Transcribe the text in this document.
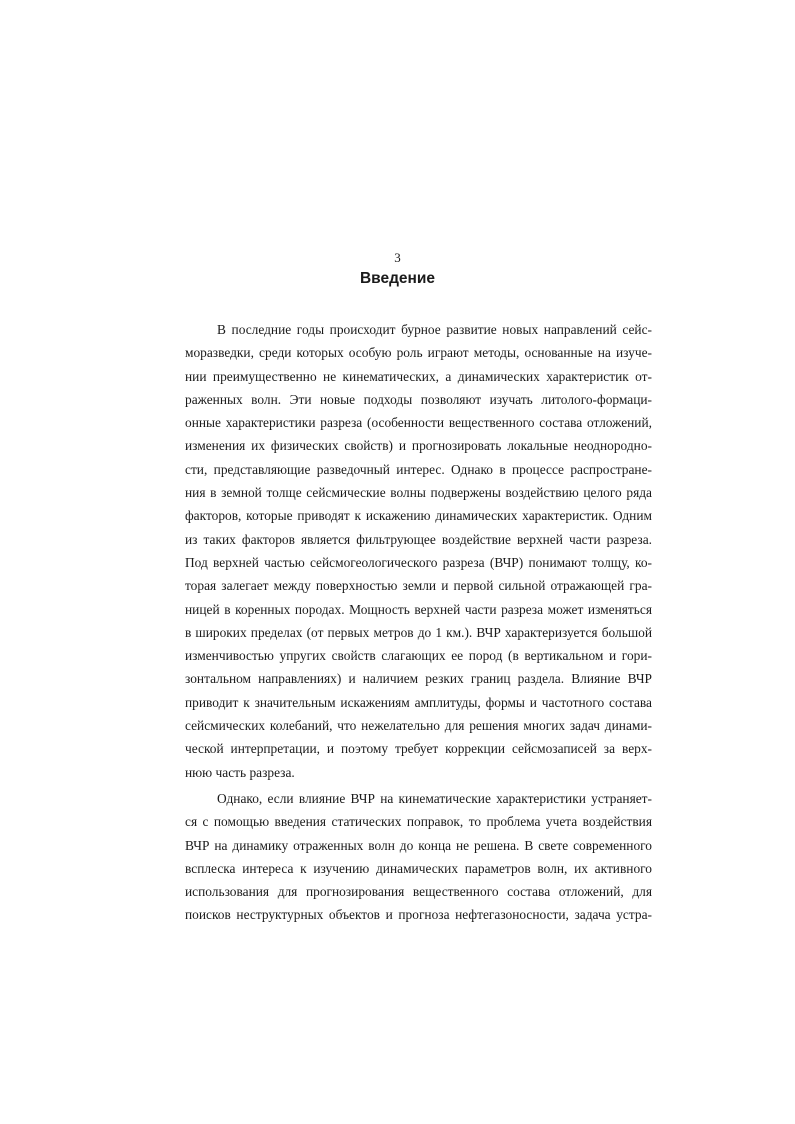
3
Введение
В последние годы происходит бурное развитие новых направлений сейс-
моразведки, среди которых особую роль играют методы, основанные на изуче-
нии преимущественно не кинематических, а динамических характеристик от-
раженных волн. Эти новые подходы позволяют изучать литолого-формаци-
онные характеристики разреза (особенности вещественного состава отложений,
изменения их физических свойств) и прогнозировать локальные неоднородно-
сти, представляющие разведочный интерес. Однако в процессе распростране-
ния в земной толще сейсмические волны подвержены воздействию целого ряда
факторов, которые приводят к искажению динамических характеристик. Одним
из таких факторов является фильтрующее воздействие верхней части разреза.
Под верхней частью сейсмогеологического разреза (ВЧР) понимают толщу, ко-
торая залегает между поверхностью земли и первой сильной отражающей гра-
ницей в коренных породах. Мощность верхней части разреза может изменяться
в широких пределах (от первых метров до 1 км.). ВЧР характеризуется большой
изменчивостью упругих свойств слагающих ее пород (в вертикальном и гори-
зонтальном направлениях) и наличием резких границ раздела. Влияние ВЧР
приводит к значительным искажениям амплитуды, формы и частотного состава
сейсмических колебаний, что нежелательно для решения многих задач динами-
ческой интерпретации, и поэтому требует коррекции сейсмозаписей за верх-
нюю часть разреза.
Однако, если влияние ВЧР на кинематические характеристики устраняет-
ся с помощью введения статических поправок, то проблема учета воздействия
ВЧР на динамику отраженных волн до конца не решена. В свете современного
всплеска интереса к изучению динамических параметров волн, их активного
использования для прогнозирования вещественного состава отложений, для
поисков неструктурных объектов и прогноза нефтегазоносности, задача устра-
